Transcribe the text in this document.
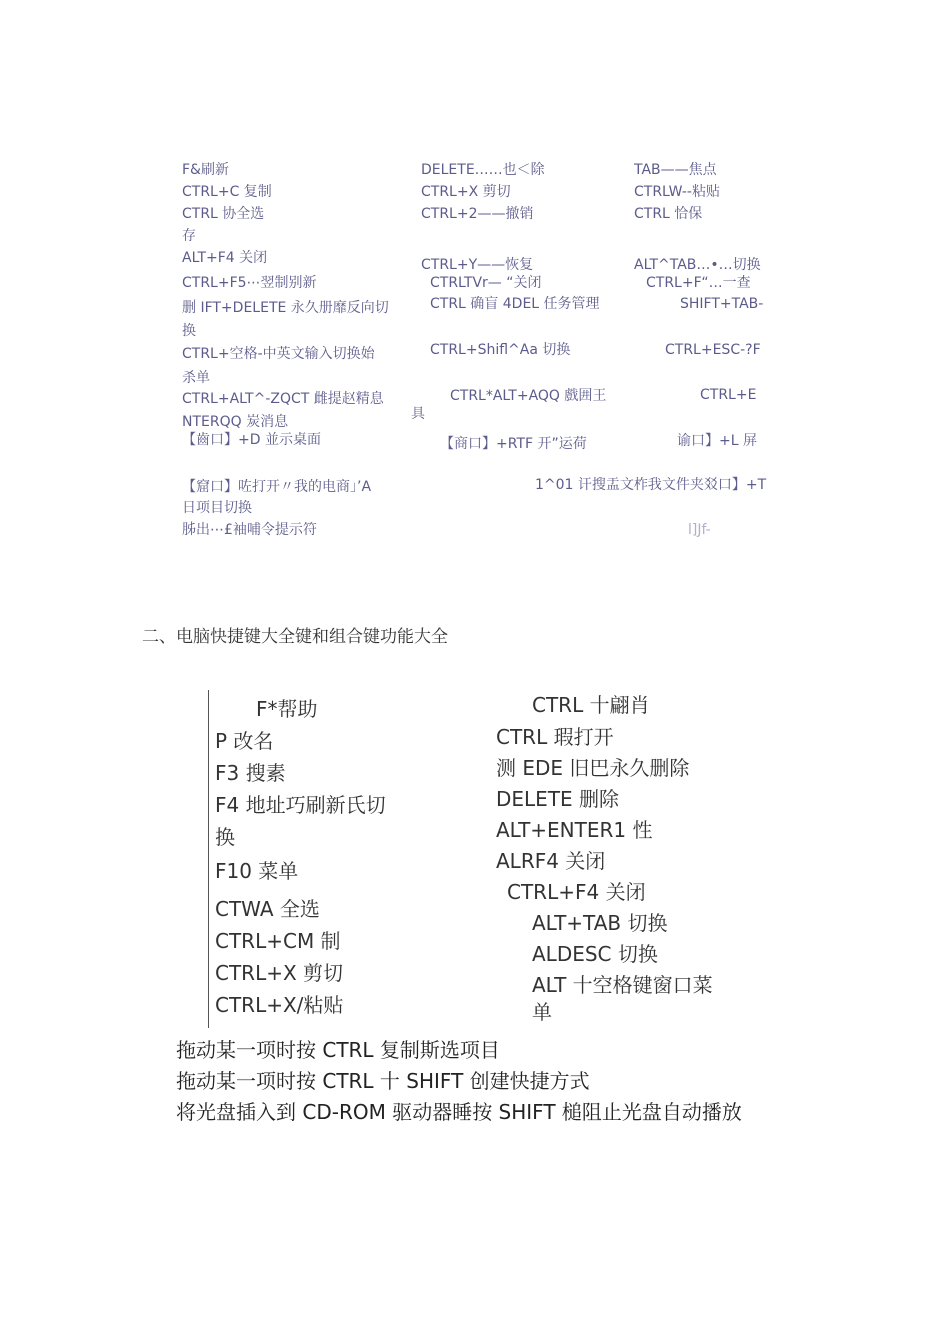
F&刷新
CTRL+C 复制
CTRL 协全选
存
ALT+F4 关闭
CTRL+F5⋯翌制别新
删 IFT+DELETE 永久册靡反向切
换
CTRL+空格-中英文输入切换始
杀单
CTRL+ALT^-ZQCT 雌提赵精息
NTERQQ 炭消息
【齒口】+D 並示桌面
【窟口】咗打开〃我的电商」’A
日项目切换
胏出⋯£袖哺令提示符
DELETE……也＜除
CTRL+X 剪切
CTRL+2——撤销
CTRL+Y——恢复
CTRLTVr— “关闭
CTRL 确盲 4DEL 任务管理
CTRL+Shifl^Aa 切换
具
CTRL*ALT+AQQ 戲囲王
【商口】+RTF 开”运荷
1^01 讦搜盂文柞我文件夹㸚口】+T
TAB——焦点
CTRLW--粘贴
CTRL 恰保
ALT^TAB…•…切换
CTRL+F“…一查
SHIFT+TAB-
CTRL+ESC-?F
CTRL+E
谕口】+L 屏
l]Jf-
二、电脑快捷键大全键和组合键功能大全
F*帮助
P 改名
F3 搜素
F4 地址巧刷新氏切
换
F10 菜单
CTWA 全选
CTRL+CM 制
CTRL+X 剪切
CTRL+X/粘贴
CTRL 十翩肖
CTRL 瑕打开
测 EDE 旧巴永久删除
DELETE 删除
ALT+ENTER1 性
ALRF4 关闭
CTRL+F4 关闭
ALT+TAB 切换
ALDESC 切换
ALT 十空格键窗口菜
单
拖动某一项时按 CTRL 复制斯选项目
拖动某一项时按 CTRL 十 SHIFT 创建快捷方式
将光盘插入到 CD-ROM 驱动器睡按 SHIFT 槌阻止光盘自动播放
